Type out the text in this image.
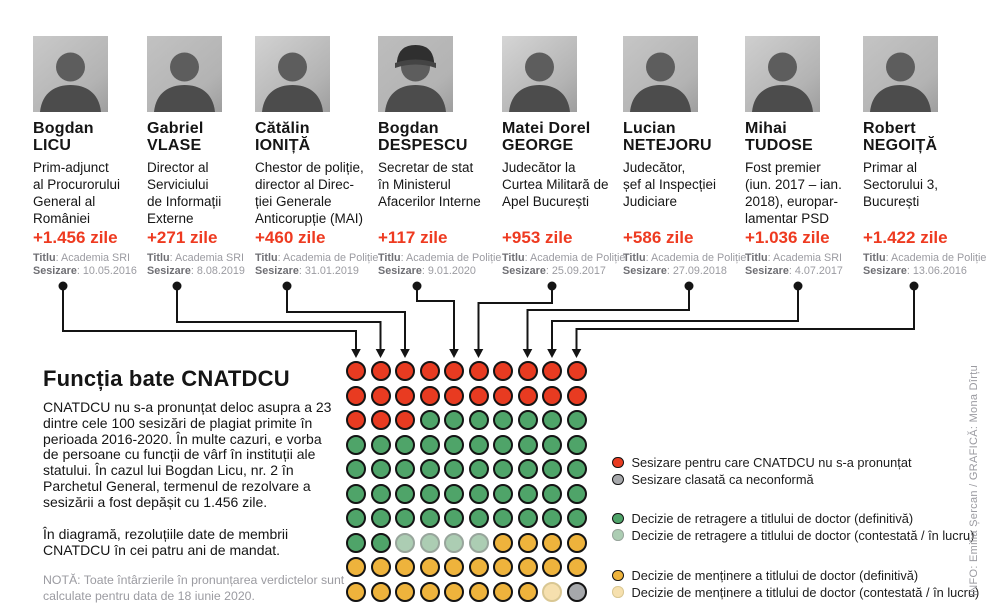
Bogdan
LICU
Prim-adjunct
al Procurorului
General al
României
+1.456 zile
Titlu: Academia SRI
Sesizare: 10.05.2016
Gabriel
VLASE
Director al
Serviciului
de Informații
Externe
+271 zile
Titlu: Academia SRI
Sesizare: 8.08.2019
Cătălin
IONIȚĂ
Chestor de poliție,
director al Direc-
ției Generale
Anticorupție (MAI)
+460 zile
Titlu: Academia de Poliție
Sesizare: 31.01.2019
Bogdan
DESPESCU
Secretar de stat
în Ministerul
Afacerilor Interne
+117 zile
Titlu: Academia de Poliție
Sesizare: 9.01.2020
Matei Dorel
GEORGE
Judecător la
Curtea Militară de
Apel București
+953 zile
Titlu: Academia de Poliție
Sesizare: 25.09.2017
Lucian
NETEJORU
Judecător,
șef al Inspecției
Judiciare
+586 zile
Titlu: Academia de Poliție
Sesizare: 27.09.2018
Mihai
TUDOSE
Fost premier
(iun. 2017 – ian.
2018), europar-
lamentar PSD
+1.036 zile
Titlu: Academia SRI
Sesizare: 4.07.2017
Robert
NEGOIȚĂ
Primar al
Sectorului 3,
București
+1.422 zile
Titlu: Academia de Poliție
Sesizare: 13.06.2016
Funcția bate CNATDCU
CNATDCU nu s-a pronunțat deloc asupra a 23 dintre cele 100 sesizări de plagiat primite în perioada 2016-2020. În multe cazuri, e vorba de persoane cu funcții de vârf în instituții ale statului. În cazul lui Bogdan Licu, nr. 2 în Parchetul General, termenul de rezolvare a sesizării a fost depășit cu 1.456 zile.
În diagramă, rezoluțiile date de membrii CNATDCU în cei patru ani de mandat.
NOTĂ: Toate întârzierile în pronunțarea verdictelor sunt calculate pentru data de 18 iunie 2020.
Sesizare pentru care CNATDCU nu s-a pronunțat
Sesizare clasată ca neconformă
Decizie de retragere a titlului de doctor (definitivă)
Decizie de retragere a titlului de doctor (contestată / în lucru)
Decizie de menținere a titlului de doctor (definitivă)
Decizie de menținere a titlului de doctor (contestată / în lucru)
INFO: Emilia Șercan / GRAFICĂ: Mona Dîrțu
